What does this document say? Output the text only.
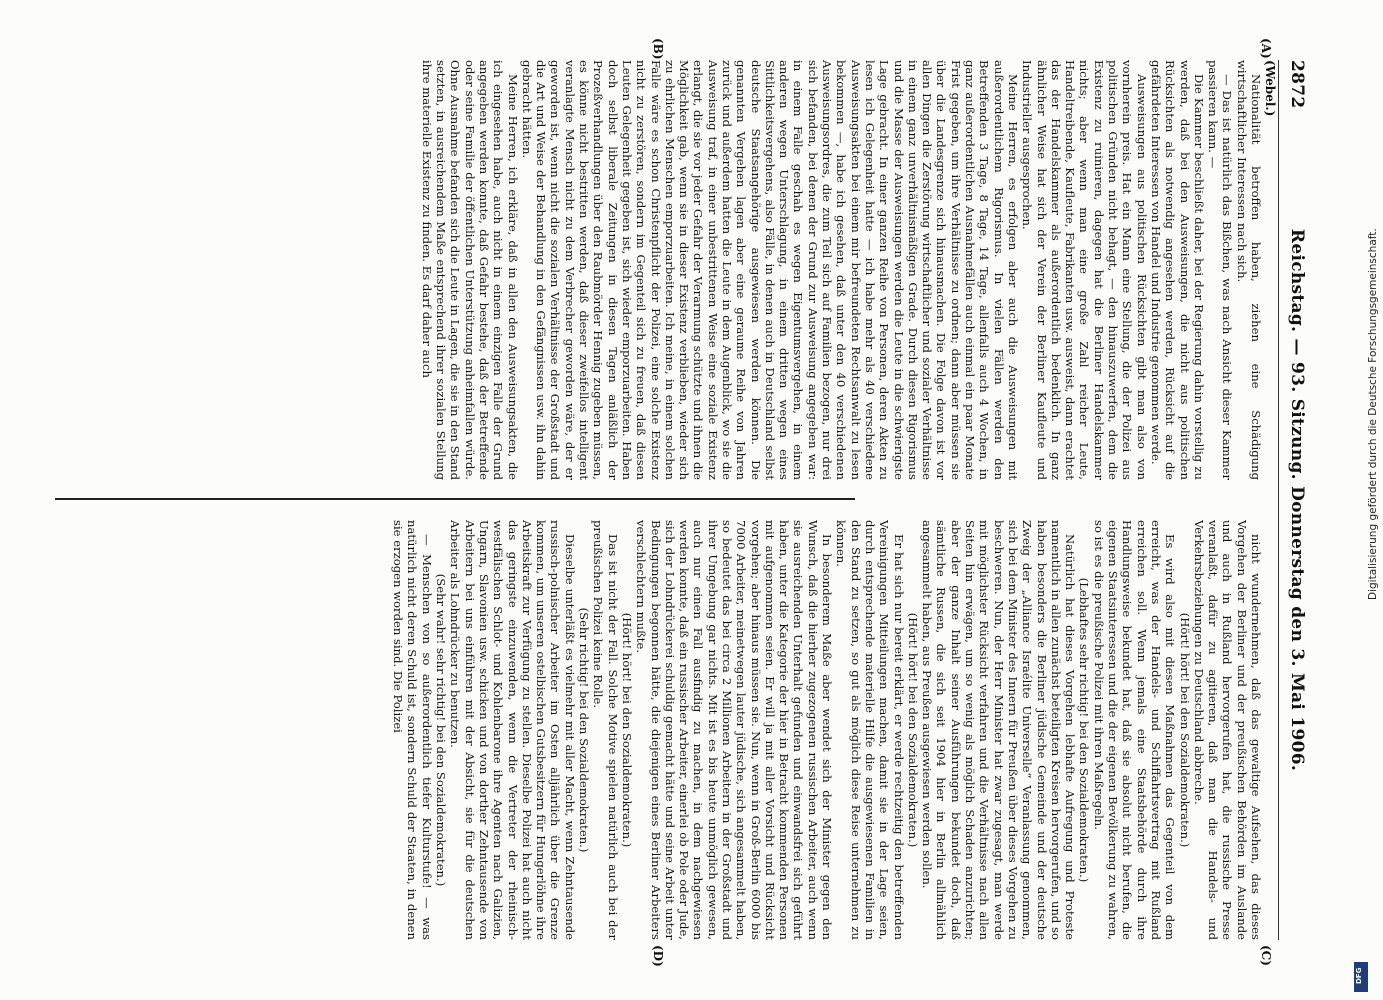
2872
Reichstag. — 93. Sitzung. Donnerstag den 3. Mai 1906.
(Webel.)
(A)
(B)
(C)
(D)

Nationalität betroffen haben, ziehen eine Schädigung wirtschaftlicher Interessen nach sich.

— Das ist natürlich das Bißchen, was nach Ansicht dieser Kammer passieren kann. —

Die Kammer beschließt daher, bei der Regierung dahin vorstellig zu werden, daß bei den Ausweisungen, die nicht aus politischen Rücksichten als notwendig angesehen werden, Rücksicht auf die gefährdeten Interessen von Handel und Industrie genommen werde.

Ausweisungen aus politischen Rücksichten gibt man also von vornherein preis. Hat ein Mann eine Stellung, die der Polizei aus politischen Gründen nicht behagt, — den hinauszuwerfen, dem die Existenz zu ruinieren, dagegen hat die Berliner Handelskammer nichts; aber wenn man eine große Zahl reicher Leute, Handeltreibende, Kaufleute, Fabrikanten usw. ausweist, dann erachtet das der Handelskammer als außerordentlich bedenklich. In ganz ähnlicher Weise hat sich der Verein der Berliner Kaufleute und Industrieller ausgesprochen.

Meine Herren, es erfolgen aber auch die Ausweisungen mit außerordentlichem Rigorismus. In vielen Fällen werden den Betreffenden 3 Tage, 8 Tage, 14 Tage, allenfalls auch 4 Wochen, in ganz außerordentlichen Ausnahmefällen auch einmal ein paar Monate Frist gegeben, um ihre Verhältnisse zu ordnen; dann aber müssen sie über die Landesgrenze sich hinausmachen. Die Folge davon ist vor allen Dingen die Zerstörung wirtschaftlicher und sozialer Verhältnisse in einem ganz unverhältnismäßigen Grade. Durch diesen Rigorismus und die Masse der Ausweisungen werden die Leute in die schwierigste Lage gebracht. In einer ganzen Reihe von Personen, deren Akten zu lesen ich Gelegenheit hatte — ich habe mehr als 40 verschiedene Ausweisungsakten bei einem mir befreundeten Rechtsanwalt zu lesen bekommen —, habe ich gesehen, daß unter den 40 verschiedenen Ausweisungsordres, die zum Teil sich auf Familien bezogen, nur drei sich befanden, bei denen der Grund zur Ausweisung angegeben war: in einem Falle geschah es wegen Eigentumsvergehen, in einem anderen wegen Unterschlagung, in einem dritten wegen eines Sittlichkeitsvergehens, also Fälle, in denen auch in Deutschland selbst deutsche Staatsangehörige ausgewiesen werden können. Die genannten Vergehen lagen aber eine geraume Reihe von Jahren zurück und außerdem hatten die Leute in dem Augenblick, wo sie die Ausweisung traf, in einer unbestrittenen Weise eine soziale Existenz erlangt, die sie vor jeder Gefahr der Verarmung schützte und ihnen die Möglichkeit gab, wenn sie in dieser Existenz verblieben, wieder sich zu ehrlichen Menschen emporzuarbeiten. Ich meine, in einem solchen Falle wäre es schon Christenpflicht der Polizei, eine solche Existenz nicht zu zerstören, sondern im Gegenteil sich zu freuen, daß diesen Leuten Gelegenheit gegeben ist, sich wieder emporzuarbeiten. Haben doch selbst liberale Zeitungen in diesen Tagen anläßlich der Prozeßverhandlungen über den Raubmörder Hennig zugeben müssen, es könne nicht bestritten werden, daß dieser zweifellos intelligent veranlagte Mensch nicht zu dem Verbrecher geworden wäre, der er geworden ist, wenn nicht die sozialen Verhältnisse der Großstadt und die Art und Weise der Behandlung in den Gefängnissen usw. ihn dahin gebracht hätten.

Meine Herren, ich erkläre, daß in allen den Ausweisungsakten, die ich eingesehen habe, auch nicht in einem einzigen Falle der Grund angegeben werden konnte, daß Gefahr bestehe, daß der Betreffende oder seine Familie der öffentlichen Unterstützung anheimfallen würde. Ohne Ausnahme befanden sich die Leute in Lagen, die sie in den Stand setzten, in ausreichendem Maße entsprechend ihrer sozialen Stellung ihre materielle Existenz zu finden. Es darf daher auch

nicht wundernehmen, daß das gewaltige Aufsehen, das dieses Vorgehen der Berliner und der preußischen Behörden im Auslande und auch in Rußland hervorgerufen hat, die russische Presse veranlaßt, dafür zu agitieren, daß man die Handels- und Verkehrsbeziehungen zu Deutschland abbreche.

(Hört! hört! bei den Sozialdemokraten.)

Es wird also mit diesen Maßnahmen das Gegenteil von dem erreicht, was der Handels- und Schiffahrtsvertrag mit Rußland erreichen soll. Wenn jemals eine Staatsbehörde durch ihre Handlungsweise bekundet hat, daß sie absolut nicht berufen, die eigenen Staatsinteressen und die der eigenen Bevölkerung zu wahren, so ist es die preußische Polizei mit ihren Maßregeln.

(Lebhaftes sehr richtig! bei den Sozialdemokraten.)

Natürlich hat dieses Vorgehen lebhafte Aufregung und Proteste namentlich in allen zunächst beteiligten Kreisen hervorgerufen, und so haben besonders die Berliner jüdische Gemeinde und der deutsche Zweig der „Alliance Israélite Universelle“ Veranlassung genommen, sich bei dem Minister des Innern für Preußen über dieses Vorgehen zu beschweren. Nun, der Herr Minister hat zwar zugesagt, man werde mit möglichster Rücksicht verfahren und die Verhältnisse nach allen Seiten hin erwägen, um so wenig als möglich Schaden anzurichten; aber der ganze Inhalt seiner Ausführungen bekundet doch, daß sämtliche Russen, die sich seit 1904 hier in Berlin allmählich angesammelt haben, aus Preußen ausgewiesen werden sollen.

(Hört! hört! bei den Sozialdemokraten.)

Er hat sich nur bereit erklärt, er werde rechtzeitig den betreffenden Vereinigungen Mitteilungen machen, damit sie in der Lage seien, durch entsprechende materielle Hilfe die ausgewiesenen Familien in den Stand zu setzen, so gut als möglich diese Reise unternehmen zu können.

In besonderem Maße aber wendet sich der Minister gegen den Wunsch, daß die hierher zugezogenen russischen Arbeiter, auch wenn sie ausreichenden Unterhalt gefunden und einwandsfrei sich geführt haben, unter die Kategorie der hier in Betracht kommenden Personen mit aufgenommen seien. Er will ja mit aller Vorsicht und Rücksicht vorgehen; aber hinaus müssen sie. Nun, wenn in Groß-Berlin 6000 bis 7000 Arbeiter, meinetwegen lauter jüdische, sich angesammelt haben, so bedeutet das bei circa 2 Millionen Arbeitern in der Großstadt und ihrer Umgebung gar nichts. Mit ist es bis heute unmöglich gewesen, auch nur einen Fall ausfindig zu machen, in dem nachgewiesen werden konnte, daß ein russischer Arbeiter, einerlei ob Pole oder Jude, sich der Lohndrückerei schuldig gemacht hätte und seine Arbeit unter Bedingungen begonnen hätte, die diejenigen eines Berliner Arbeiters verschlechtern mußte.

(Hört! hört! bei den Sozialdemokraten.)

Das ist nicht der Fall. Solche Motive spielen natürlich auch bei der preußischen Polizei keine Rolle.

(Sehr richtig! bei den Sozialdemokraten.)

Dieselbe unterläßt es vielmehr mit aller Macht, wenn Zehntausende russisch-polnischer Arbeiter im Osten alljährlich über die Grenze kommen, um unseren ostelbischen Gutsbesitzern für Hungerlöhne ihre Arbeitskraft zur Verfügung zu stellen. Dieselbe Polizei hat auch nicht das geringste einzuwenden, wenn die Vertreter der rheinisch-westfälischen Schlot- und Kohlenbarone ihre Agenten nach Galizien, Ungarn, Slavonien usw. schicken und von dorther Zehntausende von Arbeitern bei uns einführen mit der Absicht, sie für die deutschen Arbeiter als Lohndrücker zu benutzen.

(Sehr wahr! sehr richtig! bei den Sozialdemokraten.)

— Menschen von so außerordentlich tiefer Kulturstufe! — was natürlich nicht deren Schuld ist, sondern Schuld der Staaten, in denen sie erzogen worden sind. Die Polizei

Digitalisierung gefördert durch die Deutsche Forschungsgemeinschaft.
DFG
